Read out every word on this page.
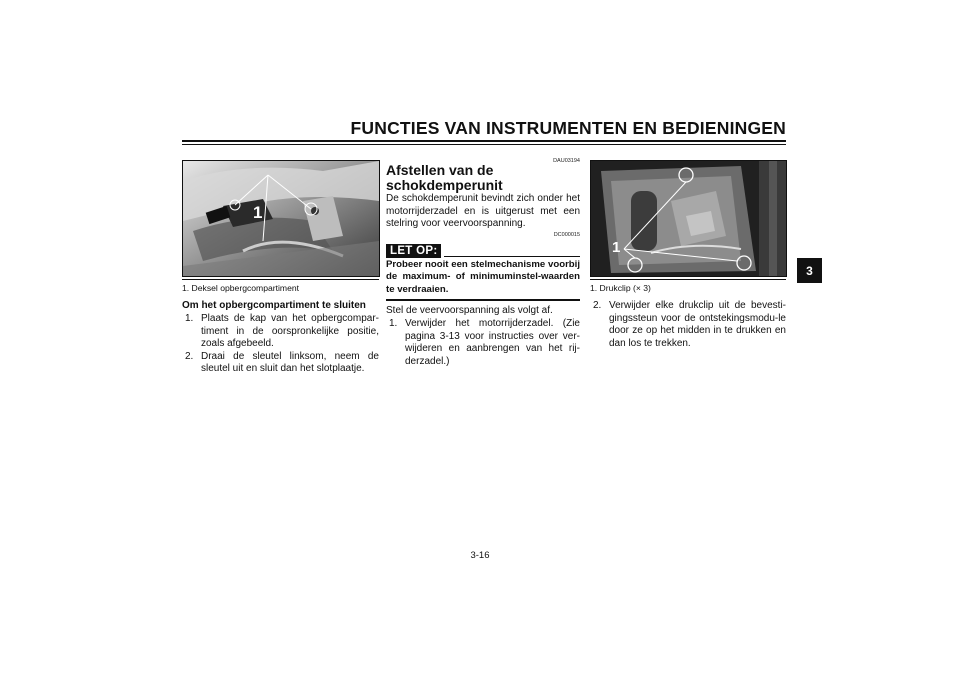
FUNCTIES VAN INSTRUMENTEN EN BEDIENINGEN
3
1
1. Deksel opbergcompartiment
Om het opbergcompartiment te sluiten
1. Plaats de kap van het opbergcompar-timent in de oorspronkelijke positie, zoals afgebeeld.
2. Draai de sleutel linksom, neem de sleutel uit en sluit dan het slotplaatje.
DAU03194
Afstellen van de schokdemperunit
De schokdemperunit bevindt zich onder het motorrijderzadel en is uitgerust met een stelring voor veervoorspanning.
DC000015
LET OP:
Probeer nooit een stelmechanisme voorbij de maximum- of minimuminstel-waarden te verdraaien.
Stel de veervoorspanning als volgt af.
1. Verwijder het motorrijderzadel. (Zie pagina 3-13 voor instructies over ver-wijderen en aanbrengen van het rij-derzadel.)
1
1. Drukclip (× 3)
2. Verwijder elke drukclip uit de bevesti-gingssteun voor de ontstekingsmodu-le door ze op het midden in te drukken en dan los te trekken.
3-16
